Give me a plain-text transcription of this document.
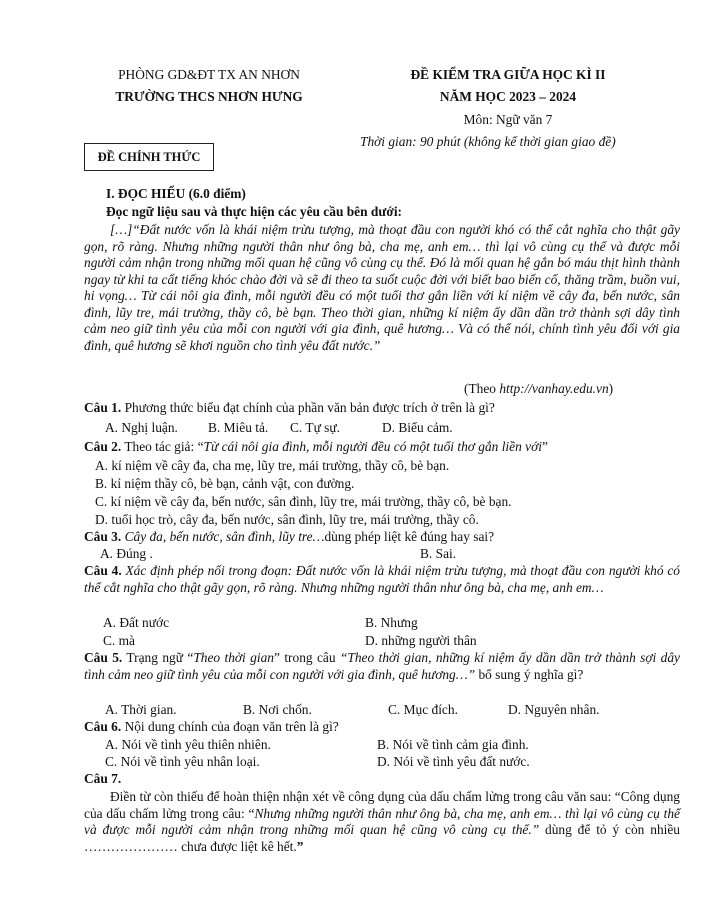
PHÒNG GD&ĐT TX AN NHƠN
TRƯỜNG THCS NHƠN HƯNG
ĐỀ KIỂM TRA GIỮA HỌC KÌ II
NĂM HỌC 2023 – 2024
Môn: Ngữ văn 7
Thời gian: 90 phút (không kể thời gian giao đề)
ĐỀ CHÍNH THỨC
I. ĐỌC HIỂU (6.0 điểm)
Đọc ngữ liệu sau và thực hiện các yêu cầu bên dưới:
[…]“Đất nước vốn là khái niệm trừu tượng, mà thoạt đầu con người khó có thể cắt nghĩa cho thật gãy gọn, rõ ràng. Nhưng những người thân như ông bà, cha mẹ, anh em… thì lại vô cùng cụ thể và được mỗi người cảm nhận trong những mối quan hệ cũng vô cùng cụ thể. Đó là mối quan hệ gắn bó máu thịt hình thành ngay từ khi ta cất tiếng khóc chào đời và sẽ đi theo ta suốt cuộc đời với biết bao biến cố, thăng trầm, buồn vui, hi vọng… Từ cái nôi gia đình, mỗi người đều có một tuổi thơ gắn liền với kí niệm về cây đa, bến nước, sân đình, lũy tre, mái trường, thầy cô, bè bạn. Theo thời gian, những kí niệm ấy dần dần trở thành sợi dây tình cảm neo giữ tình yêu của mỗi con người với gia đình, quê hương… Và có thể nói, chính tình yêu đối với gia đình, quê hương sẽ khơi nguồn cho tình yêu đất nước.”
(Theo http://vanhay.edu.vn)
Câu 1. Phương thức biểu đạt chính của phần văn bản được trích ở trên là gì?
A. Nghị luận. B. Miêu tả. C. Tự sự.	D. Biểu cảm.
Câu 2. Theo tác giả: “Từ cái nôi gia đình, mỗi người đều có một tuổi thơ gắn liền với”
A. kí niệm về cây đa, cha mẹ, lũy tre, mái trường, thầy cô, bè bạn.
B. kỉ niệm thầy cô, bè bạn, cảnh vật, con đường.
C. kí niệm về cây đa, bến nước, sân đình, lũy tre, mái trường, thầy cô, bè bạn.
D. tuổi học trò, cây đa, bến nước, sân đình, lũy tre, mái trường, thầy cô.
Câu 3. Cây đa, bến nước, sân đình, lũy tre…dùng phép liệt kê đúng hay sai?
A. Đúng .	B. Sai.
Câu 4. Xác định phép nối trong đoạn: Đất nước vốn là khái niệm trừu tượng, mà thoạt đầu con người khó có thể cắt nghĩa cho thật gãy gọn, rõ ràng. Nhưng những người thân như ông bà, cha mẹ, anh em…
A. Đất nước	B. Nhưng
C. mà	D. những người thân
Câu 5. Trạng ngữ “Theo thời gian” trong câu “Theo thời gian, những kí niệm ấy dần dần trở thành sợi dây tình cảm neo giữ tình yêu của mỗi con người với gia đình, quê hương…” bổ sung ý nghĩa gì?
A. Thời gian.	B. Nơi chốn.	C. Mục đích.	D. Nguyên nhân.
Câu 6. Nội dung chính của đoạn văn trên là gì?
A. Nói về tình yêu thiên nhiên.	B. Nói về tình cảm gia đình.
C. Nói về tình yêu nhân loại.	D. Nói về tình yêu đất nước.
Câu 7.
Điền từ còn thiếu để hoàn thiện nhận xét về công dụng của dấu chấm lửng trong câu văn sau: “Công dụng của dấu chấm lửng trong câu: “Nhưng những người thân như ông bà, cha mẹ, anh em… thì lại vô cùng cụ thể và được mỗi người cảm nhận trong những mối quan hệ cũng vô cùng cụ thể.” dùng để tỏ ý còn nhiều ………………… chưa được liệt kê hết.”
